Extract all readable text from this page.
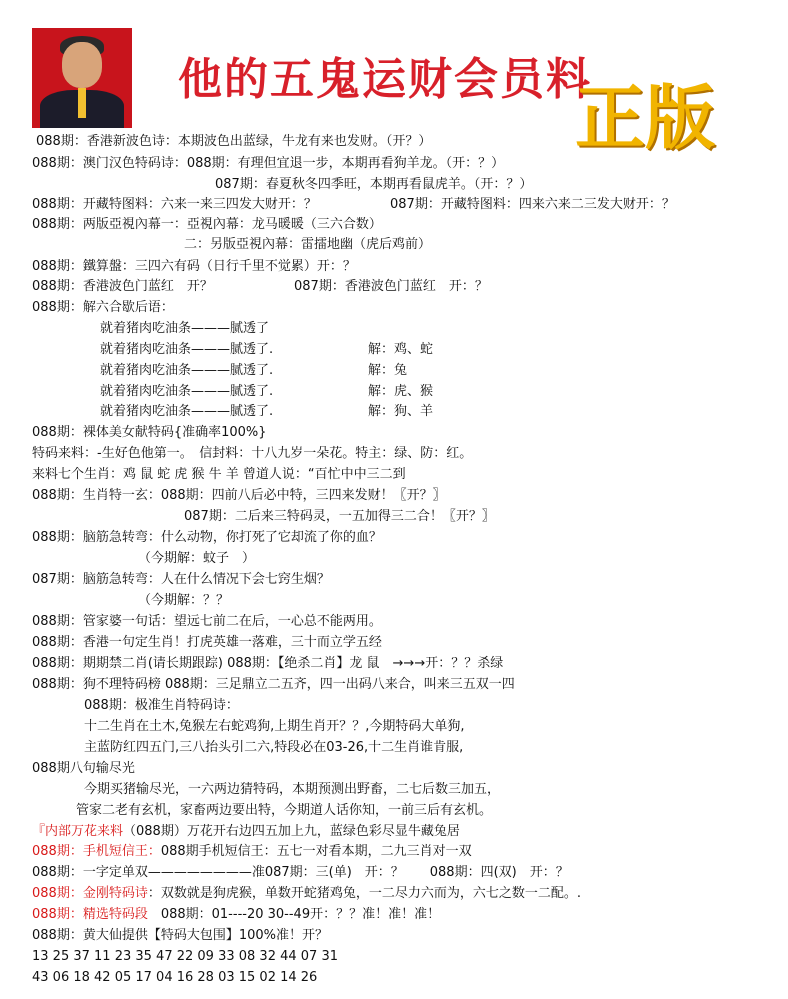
他的五鬼运财会员料
正版
088期：香港新波色诗：本期波色出蓝绿，牛龙有来也发财。（开？）
088期：澳门汉色特码诗：088期：有理但宜退一步，本期再看狗羊龙。（开：？）
087期：春夏秋冬四季旺，本期再看鼠虎羊。（开：？）
088期：开藏特图料：六来一来三四发大财开：？	087期：开藏特图料：四来六来二三发大财开：？
088期：两版亞視內幕一：亞視內幕：龙马暖暖（三六合数）
二：另版亞視內幕：雷擂地幽（虎后鸡前）
088期：鐵算盤：三四六有码（日行千里不觉累）开：？
088期：香港波色门蓝红　开？	087期：香港波色门蓝红　开：？
088期：解六合歇后语：
就着猪肉吃油条———腻透了
就着猪肉吃油条———腻透了.	解：鸡、蛇
就着猪肉吃油条———腻透了.	解：兔
就着猪肉吃油条———腻透了.	解：虎、猴
就着猪肉吃油条———腻透了.	解：狗、羊
088期：裸体美女献特码{准确率100%}
特码来料：-生好色他第一。　信封料：十八九岁一朵花。特主：绿、防：红。
来料七个生肖：鸡 鼠 蛇 虎 猴 牛 羊 曾道人说：“百忙中中三二到
088期：生肖特一玄：088期：四前八后必中特，三四来发财！〖开？〗
087期：二后来三特码灵，一五加得三二合！〖开？〗
088期：脑筋急转弯：什么动物，你打死了它却流了你的血？
（今期解：蚊子　）
087期：脑筋急转弯：人在什么情况下会七窍生烟？
（今期解：？？
088期：管家婆一句话：望远七前二在后，一心总不能两用。
088期：香港一句定生肖！打虎英雄一落难，三十而立学五经
088期：期期禁二肖(请长期跟踪) 088期：【绝杀二肖】龙 鼠　→→→开：？？杀绿
088期：狗不理特码榜 088期：三足鼎立二五齐，四一出码八来合，叫来三五双一四
088期：极准生肖特码诗：
十二生肖在土木,兔猴左右蛇鸡狗,上期生肖开？？,今期特码大单狗,
主蓝防红四五门,三八抬头引二六,特段必在03-26,十二生肖谁肯服,
088期八句输尽光
今期买猪输尽光，一六两边猜特码，本期预测出野畜，二七后数三加五，
管家二老有玄机，家畜两边要出特，今期道人话你知，一前三后有玄机。
『内部万花来料（088期）万花开右边四五加上九，蓝绿色彩尽显牛藏兔居
088期：手机短信王：088期手机短信王：五七一对看本期，二九三肖对一双
088期：一字定单双————————准087期：三(单)　开：？　　088期：四(双)　开：？
088期：金刚特码诗：双数就是狗虎猴，单数开蛇猪鸡兔，一二尽力六而为，六七之数一二配。.
088期：精选特码段　088期：01----20 30--49开：？？准！准！准！
088期：黄大仙提供【特码大包围】100%准！开？
13 25 37 11 23 35 47 22 09 33 08 32 44 07 31
43 06 18 42 05 17 04 16 28 03 15 02 14 26
